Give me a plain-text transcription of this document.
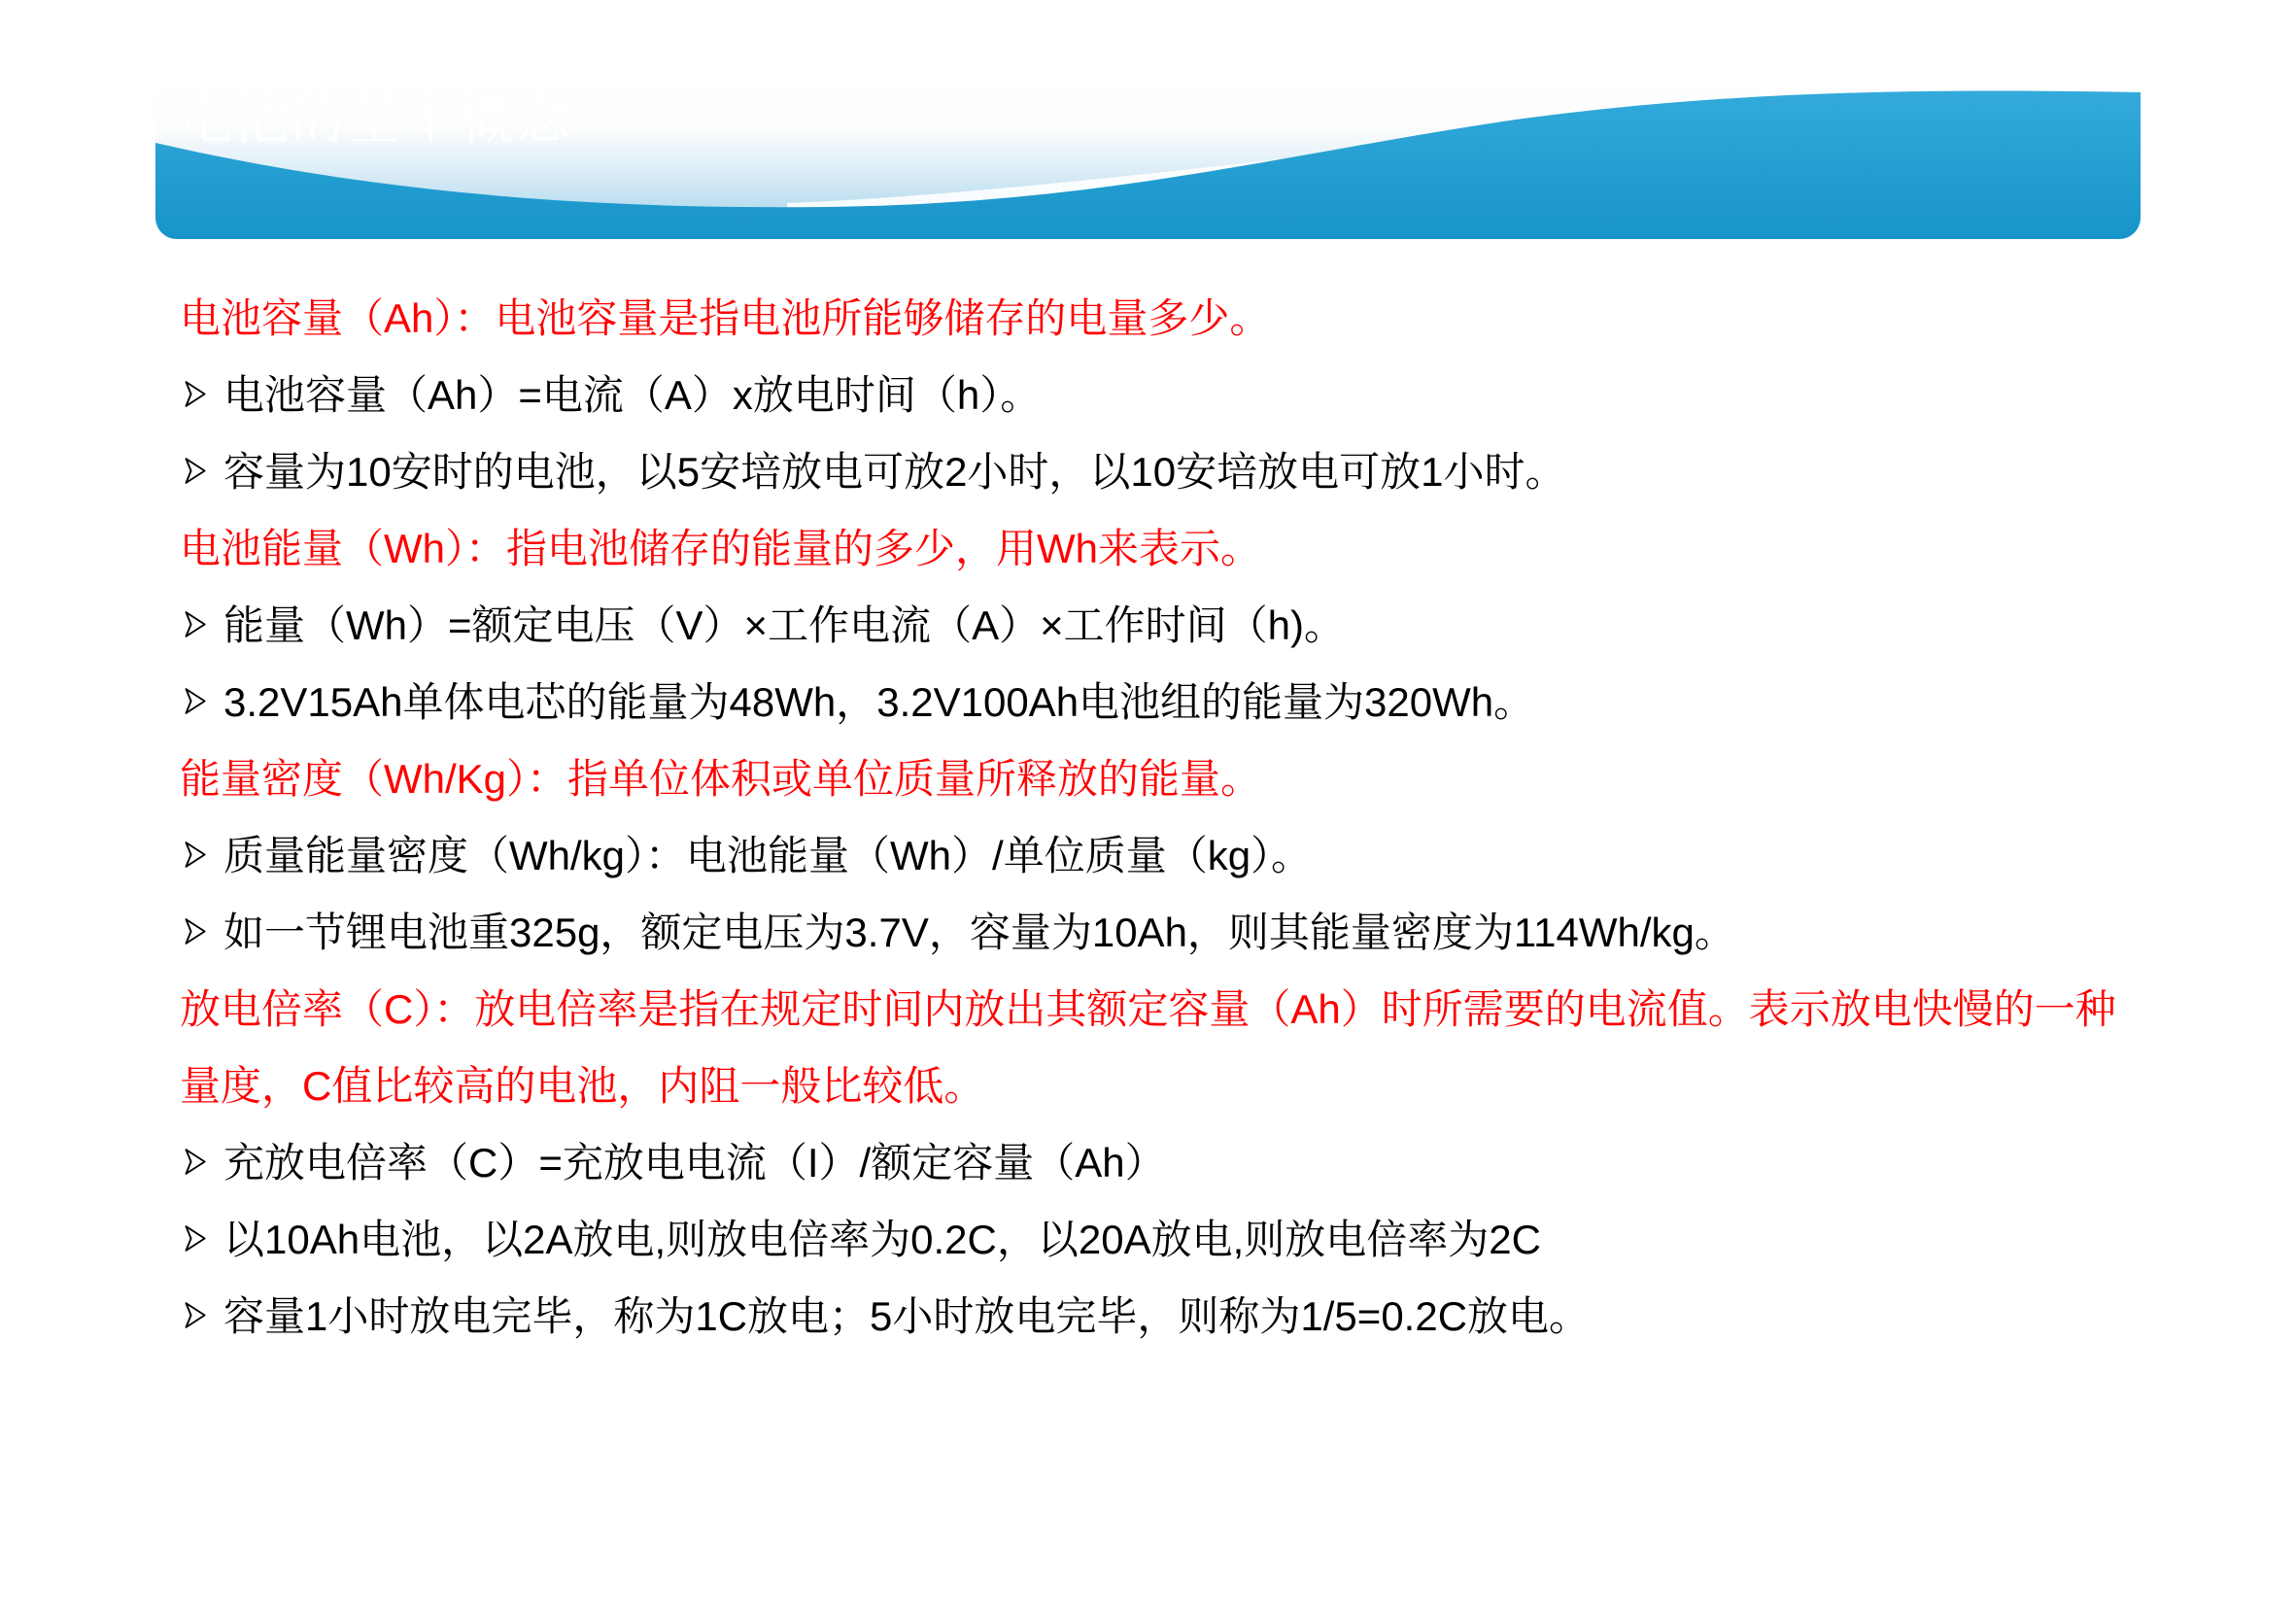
电池的基本概念
电池容量（Ah）：电池容量是指电池所能够储存的电量多少。
电池容量（Ah）=电流（A）x放电时间（h）。
容量为10安时的电池，以5安培放电可放2小时，以10安培放电可放1小时。
电池能量（Wh）：指电池储存的能量的多少，用Wh来表示。
能量（Wh）=额定电压（V）×工作电流（A）×工作时间（h)。
3.2V15Ah单体电芯的能量为48Wh，3.2V100Ah电池组的能量为320Wh。
能量密度（Wh/Kg）：指单位体积或单位质量所释放的能量。
质量能量密度（Wh/kg）：电池能量（Wh）/单位质量（kg）。
如一节锂电池重325g，额定电压为3.7V，容量为10Ah，则其能量密度为114Wh/kg。
放电倍率（C）：放电倍率是指在规定时间内放出其额定容量（Ah）时所需要的电流值。表示放电快慢的一种量度，C值比较高的电池，内阻一般比较低。
充放电倍率（C）=充放电电流（I）/额定容量（Ah）
以10Ah电池，以2A放电,则放电倍率为0.2C，以20A放电,则放电倍率为2C
容量1小时放电完毕，称为1C放电；5小时放电完毕，则称为1/5=0.2C放电。
